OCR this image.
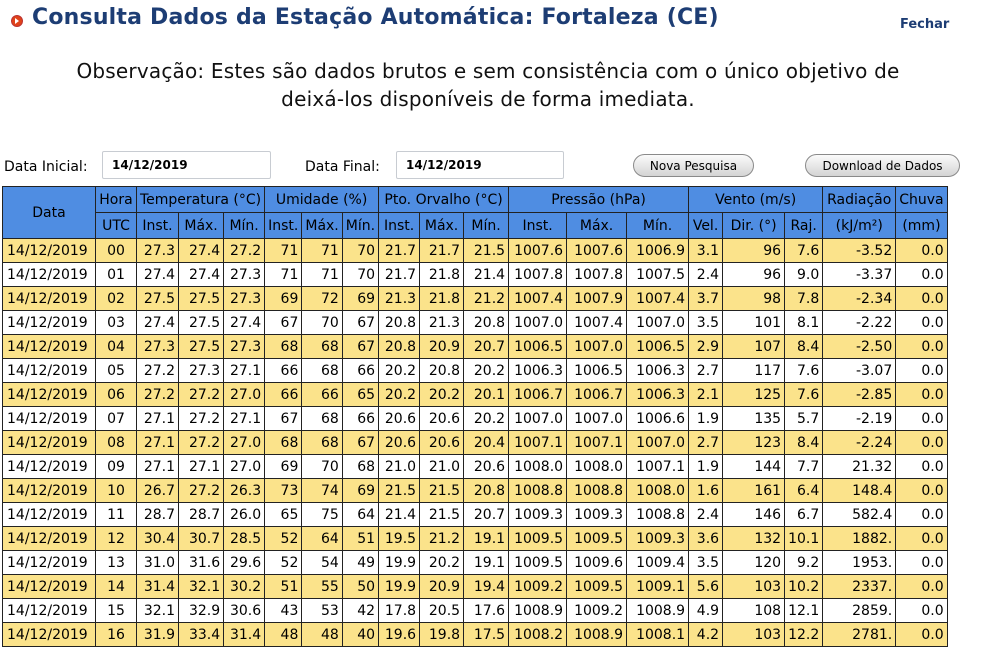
Consulta Dados da Estação Automática: Fortaleza (CE)	Fechar
Observação: Estes são dados brutos e sem consistência com o único objetivo de
deixá-los disponíveis de forma imediata.
Data Inicial:
14/12/2019	Data Final:
14/12/2019	Nova Pesquisa	Download de Dados
Data	Hora	Temperatura (°C)			Umidade (%)			Pto. Orvalho (°C)			Pressão (hPa)			Vento (m/s)			Radiação	Chuva
	UTC	Inst.	Máx.	Mín.	Inst.	Máx.	Mín.	Inst.	Máx.	Mín.	Inst.	Máx.	Mín.	Vel.	Dir. (°)	Raj.	(kJ/m²)	(mm)
14/12/2019	00	27.3	27.4	27.2	71	71	70	21.7	21.7	21.5	1007.6	1007.6	1006.9	3.1	96	7.6	-3.52	0.0
14/12/2019	01	27.4	27.4	27.3	71	71	70	21.7	21.8	21.4	1007.8	1007.8	1007.5	2.4	96	9.0	-3.37	0.0
14/12/2019	02	27.5	27.5	27.3	69	72	69	21.3	21.8	21.2	1007.4	1007.9	1007.4	3.7	98	7.8	-2.34	0.0
14/12/2019	03	27.4	27.5	27.4	67	70	67	20.8	21.3	20.8	1007.0	1007.4	1007.0	3.5	101	8.1	-2.22	0.0
14/12/2019	04	27.3	27.5	27.3	68	68	67	20.8	20.9	20.7	1006.5	1007.0	1006.5	2.9	107	8.4	-2.50	0.0
14/12/2019	05	27.2	27.3	27.1	66	68	66	20.2	20.8	20.2	1006.3	1006.5	1006.3	2.7	117	7.6	-3.07	0.0
14/12/2019	06	27.2	27.2	27.0	66	66	65	20.2	20.2	20.1	1006.7	1006.7	1006.3	2.1	125	7.6	-2.85	0.0
14/12/2019	07	27.1	27.2	27.1	67	68	66	20.6	20.6	20.2	1007.0	1007.0	1006.6	1.9	135	5.7	-2.19	0.0
14/12/2019	08	27.1	27.2	27.0	68	68	67	20.6	20.6	20.4	1007.1	1007.1	1007.0	2.7	123	8.4	-2.24	0.0
14/12/2019	09	27.1	27.1	27.0	69	70	68	21.0	21.0	20.6	1008.0	1008.0	1007.1	1.9	144	7.7	21.32	0.0
14/12/2019	10	26.7	27.2	26.3	73	74	69	21.5	21.5	20.8	1008.8	1008.8	1008.0	1.6	161	6.4	148.4	0.0
14/12/2019	11	28.7	28.7	26.0	65	75	64	21.4	21.5	20.7	1009.3	1009.3	1008.8	2.4	146	6.7	582.4	0.0
14/12/2019	12	30.4	30.7	28.5	52	64	51	19.5	21.2	19.1	1009.5	1009.5	1009.3	3.6	132	10.1	1882.	0.0
14/12/2019	13	31.0	31.6	29.6	52	54	49	19.9	20.2	19.1	1009.5	1009.6	1009.4	3.5	120	9.2	1953.	0.0
14/12/2019	14	31.4	32.1	30.2	51	55	50	19.9	20.9	19.4	1009.2	1009.5	1009.1	5.6	103	10.2	2337.	0.0
14/12/2019	15	32.1	32.9	30.6	43	53	42	17.8	20.5	17.6	1008.9	1009.2	1008.9	4.9	108	12.1	2859.	0.0
14/12/2019	16	31.9	33.4	31.4	48	48	40	19.6	19.8	17.5	1008.2	1008.9	1008.1	4.2	103	12.2	2781.	0.0
